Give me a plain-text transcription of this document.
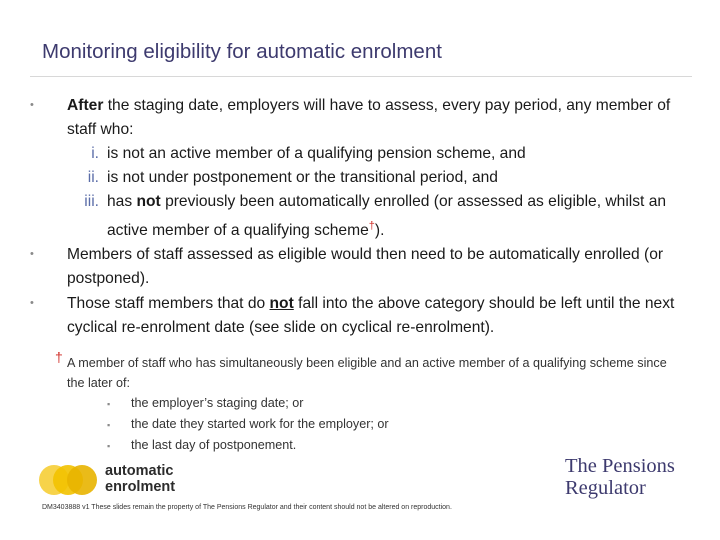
Monitoring eligibility for automatic enrolment
• After the staging date, employers will have to assess, every pay period, any member of staff who:
i. is not an active member of a qualifying pension scheme, and
ii. is not under postponement or the transitional period, and
iii. has not previously been automatically enrolled (or assessed as eligible, whilst an active member of a qualifying scheme†).
• Members of staff assessed as eligible would then need to be automatically enrolled (or postponed).
• Those staff members that do not fall into the above category should be left until the next cyclical re-enrolment date (see slide on cyclical re-enrolment).
† A member of staff who has simultaneously been eligible and an active member of a qualifying scheme since the later of:
▪ the employer’s staging date; or
▪ the date they started work for the employer; or
▪ the last day of postponement.
automatic
enrolment
The Pensions
Regulator
DM3403888 v1 These slides remain the property of The Pensions Regulator and their content should not be altered on reproduction.
